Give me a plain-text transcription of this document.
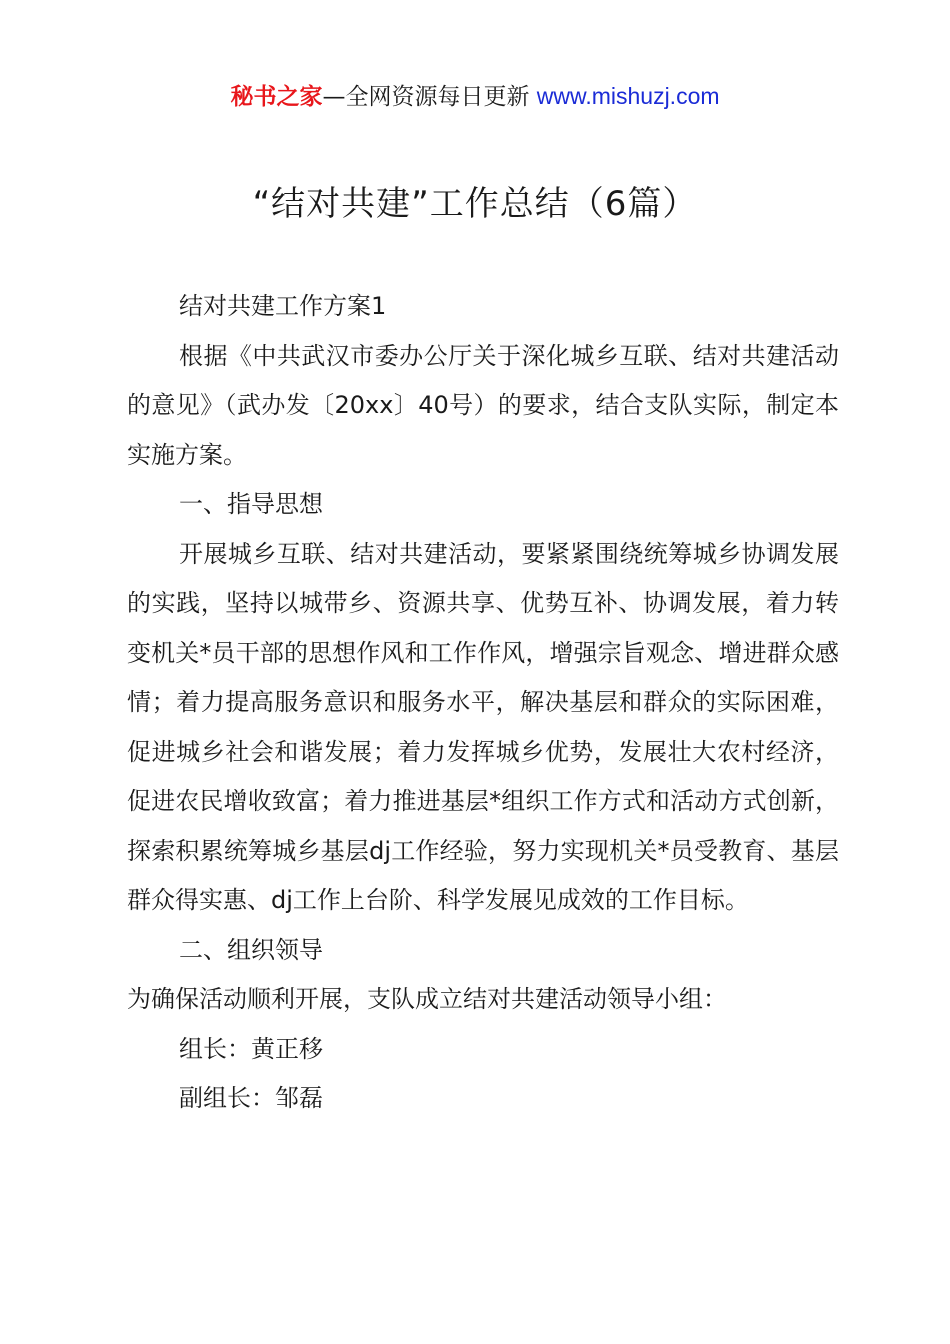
秘书之家—全网资源每日更新 www.mishuzj.com
“结对共建”工作总结（6篇）

结对共建工作方案1

根据《中共武汉市委办公厅关于深化城乡互联、结对共建活动的意见》（武办发〔20xx〕40号）的要求，结合支队实际，制定本实施方案。

一、指导思想

开展城乡互联、结对共建活动，要紧紧围绕统筹城乡协调发展的实践，坚持以城带乡、资源共享、优势互补、协调发展，着力转变机关*员干部的思想作风和工作作风，增强宗旨观念、增进群众感情；着力提高服务意识和服务水平，解决基层和群众的实际困难，促进城乡社会和谐发展；着力发挥城乡优势，发展壮大农村经济，促进农民增收致富；着力推进基层*组织工作方式和活动方式创新，探索积累统筹城乡基层dj工作经验，努力实现机关*员受教育、基层群众得实惠、dj工作上台阶、科学发展见成效的工作目标。

二、组织领导

为确保活动顺利开展，支队成立结对共建活动领导小组：

组长：黄正移

副组长：邹磊
